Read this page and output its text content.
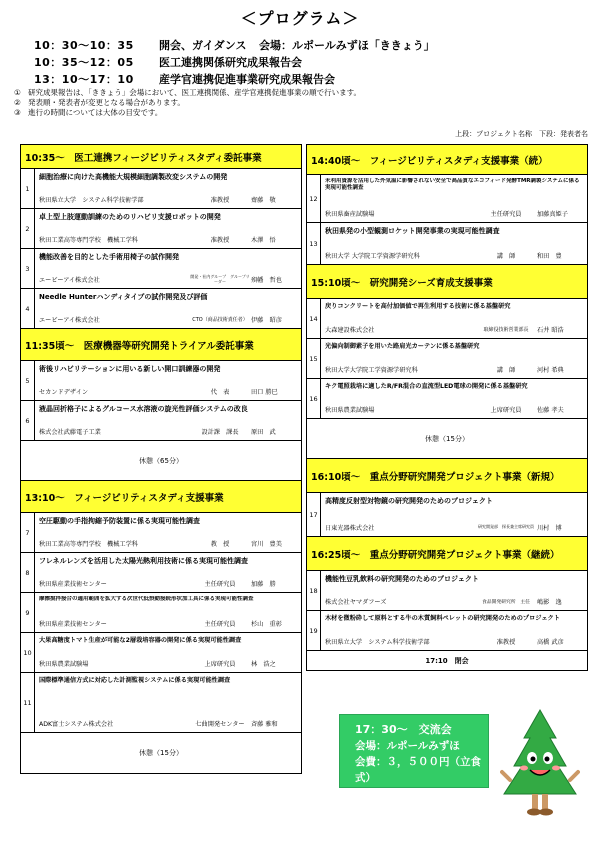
＜プログラム＞
10：30～10：35	開会、ガイダンス	会場：ルポールみずほ「ききょう」
10：35～12：05	医工連携関係研究成果報告会
13：10～17：10	産学官連携促進事業研究成果報告会
① 研究成果報告は、「ききょう」会場において、医工連携関係、産学官連携促進事業の順で行います。
② 発表順・発表者が変更となる場合があります。
③ 進行の時間については大体の目安です。
上段：プロジェクト名称　下段：発表者名
10:35～　医工連携フィージビリティスタディ委託事業
1
細胞治療に向けた高機能大規模細胞調製改変システムの開発
秋田県立大学　システム科学技術学部	准教授	齋藤　敬
2
卓上型上肢運動訓練のためのリハビリ支援ロボットの開発
秋田工業高等専門学校　機械工学科	准教授	木澤　悟
3
機能改善を目的とした手術用椅子の試作開発
エービーアイ株式会社
開発・社内グループ　グループリーダー	殞幡　哲也
4
Needle Hunterハンディタイプの試作開発及び評価
エービーアイ株式会社	CTO（商品技術責任者） 伊藤　昭彦
11:35頃～　医療機器等研究開発トライアル委託事業
5
術後リハビリテーションに用いる新しい開口訓練器の開発
セカンドデザイン	代　表	田口 勝巳
6
液晶回折格子によるグルコース水溶液の旋光性評価システムの改良
株式会社武藤電子工業	設計課　課長	原田　武
休憩（65分）
13:10～　フィージビリティスタディ支援事業
7
空圧駆動の手指拘縮予防装置に係る実現可能性調査
秋田工業高等専門学校　機械工学科	教　授	宮川　豊美
8
フレネルレンズを活用した太陽光熱利用技術に係る実現可能性調査
秋田県産業技術センター	主任研究員	加藤　勝
9
摩擦撹拌接合の適用範囲を拡大する次世代低摂動接続形状加工具に係る実現可能性調査
秋田県産業技術センター	主任研究員	杉山　重彰
10
大果高糖度トマト生産が可能な2層栽培容器の開発に係る実現可能性調査
秋田県農業試験場	上席研究員	林　浩之
11
国際標準通信方式に対応した計測監視システムに係る実現可能性調査
ADK富士システム株式会社	七曲開発センター	斉藤 雅和
休憩（15分）
14:40頃～　フィージビリティスタディ支援事業（続）
12
未利用資源を活用した外気温に影響されない安全で高品質なエコフィード発酵TMR調製システムに係る実現可能性調査
秋田県畜産試験場	主任研究員	加藤真姫子
13
秋田県発の小型観測ロケット開発事業の実現可能性調査
秋田大学 大学院工学資源学研究科	講　師	和田　豊
15:10頃～　研究開発シーズ育成支援事業
14
戻りコンクリートを高付加価値で再生利用する技術に係る基盤研究
大森建設株式会社	取締役技術営業部長	石井 昭浩
15
光偏向制御素子を用いた路肩光カーテンに係る基盤研究
秋田大学大学院工学資源学研究科	講　師	河村 希典
16
キク電照栽培に適したR/FR混合の直流型LED電球の開発に係る基盤研究
秋田県農業試験場	上席研究員	佐藤 孝夫
休憩（15分）
16:10頃～　重点分野研究開発プロジェクト事業（新規）
17
高精度反射型対物鏡の研究開発のためのプロジェクト
日東光器株式会社	研究開発部　探長兼主席研究員 川村　博
16:25頃～　重点分野研究開発プロジェクト事業（継続）
18
機能性豆乳飲料の研究開発のためのプロジェクト
株式会社ヤマダフーズ	食品開発研究所　主任	嶋影　逸
19
木材を微粉砕して原料とする牛の木質飼料ペレットの研究開発のためのプロジェクト
秋田県立大学　システム科学技術学部	准教授	高橋 武彦
17:10　閉会
17：30～　交流会
会場：ルポールみずほ
会費：３，５００円（立食式）
